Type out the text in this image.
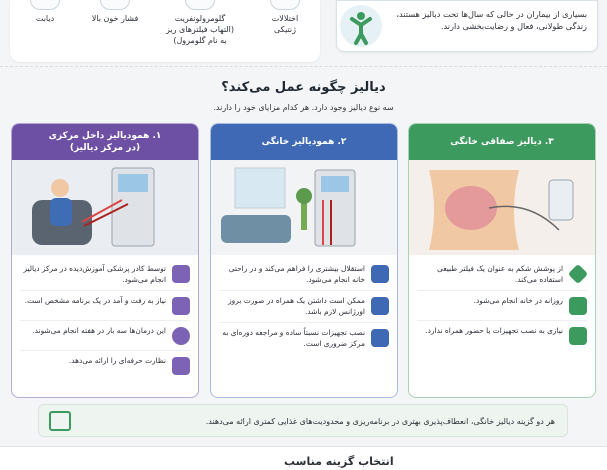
اختلالات
ژنتیکی
گلومرولونفریت
(التهاب فیلترهای ریز
به نام گلومرول)
فشار خون بالا
دیابت	بسیاری از بیماران در حالی که سال‌ها تحت دیالیز هستند، زندگی طولانی، فعال و رضایت‌بخشی دارند.
دیالیز چگونه عمل می‌کند؟
سه نوع دیالیز وجود دارد. هر کدام مزایای خود را دارند.
۱. همودیالیز داخل مرکزی
(در مرکز دیالیز)
توسط کادر پزشکی آموزش‌دیده در مرکز دیالیز انجام می‌شود.
نیاز به رفت و آمد در یک برنامه مشخص است.
این درمان‌ها سه بار در هفته انجام می‌شوند.
نظارت حرفه‌ای را ارائه می‌دهد.
۲. همودیالیز خانگی
استقلال بیشتری را فراهم می‌کند و در راحتی خانه انجام می‌شود.
ممکن است داشتن یک همراه در صورت بروز اورژانس لازم باشد.
نصب تجهیزات نسبتاً ساده و مراجعه دوره‌ای به مرکز ضروری است.
۳. دیالیز صفاقی خانگی
از پوشش شکم به عنوان یک فیلتر طبیعی استفاده می‌کند.
روزانه در خانه انجام می‌شود.
نیازی به نصب تجهیزات یا حضور همراه ندارد.
هر دو گزینه دیالیز خانگی، انعطاف‌پذیری بهتری در برنامه‌ریزی و محدودیت‌های غذایی کمتری ارائه می‌دهند.
انتخاب گزینه مناسب
